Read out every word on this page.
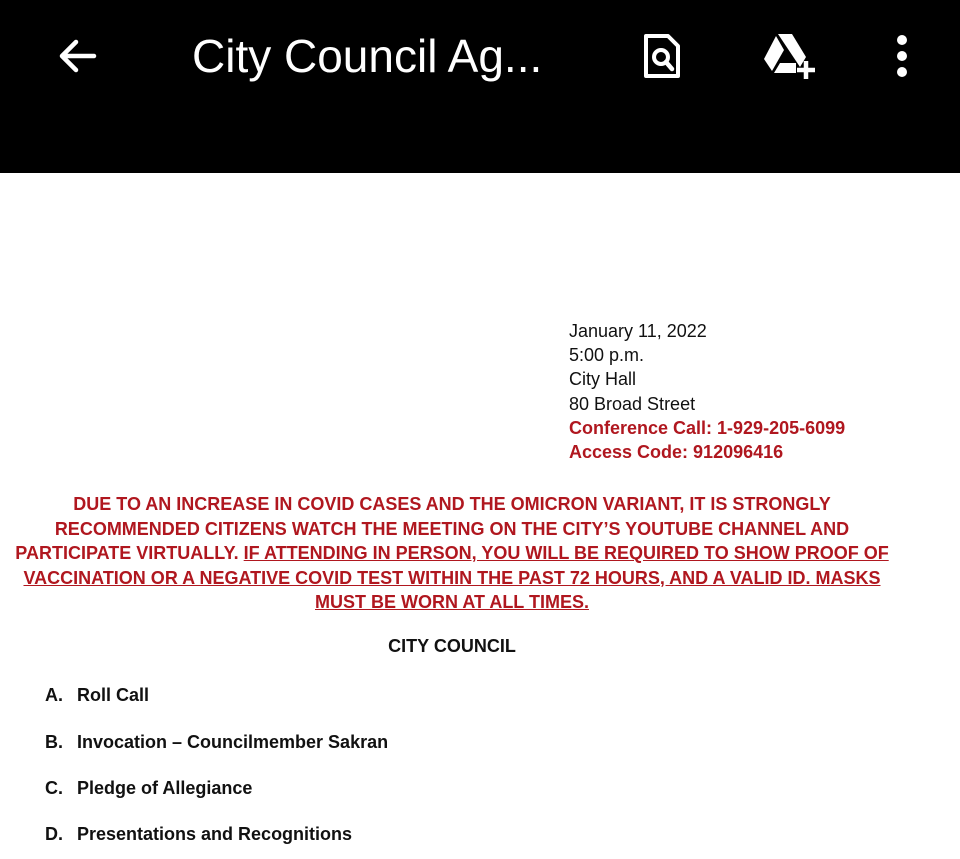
City Council Ag...
January 11, 2022
5:00 p.m.
City Hall
80 Broad Street
Conference Call: 1-929-205-6099
Access Code: 912096416
DUE TO AN INCREASE IN COVID CASES AND THE OMICRON VARIANT, IT IS STRONGLY RECOMMENDED CITIZENS WATCH THE MEETING ON THE CITY’S YOUTUBE CHANNEL AND PARTICIPATE VIRTUALLY. IF ATTENDING IN PERSON, YOU WILL BE REQUIRED TO SHOW PROOF OF VACCINATION OR A NEGATIVE COVID TEST WITHIN THE PAST 72 HOURS, AND A VALID ID. MASKS MUST BE WORN AT ALL TIMES.
CITY COUNCIL
A. Roll Call
B. Invocation – Councilmember Sakran
C. Pledge of Allegiance
D. Presentations and Recognitions
